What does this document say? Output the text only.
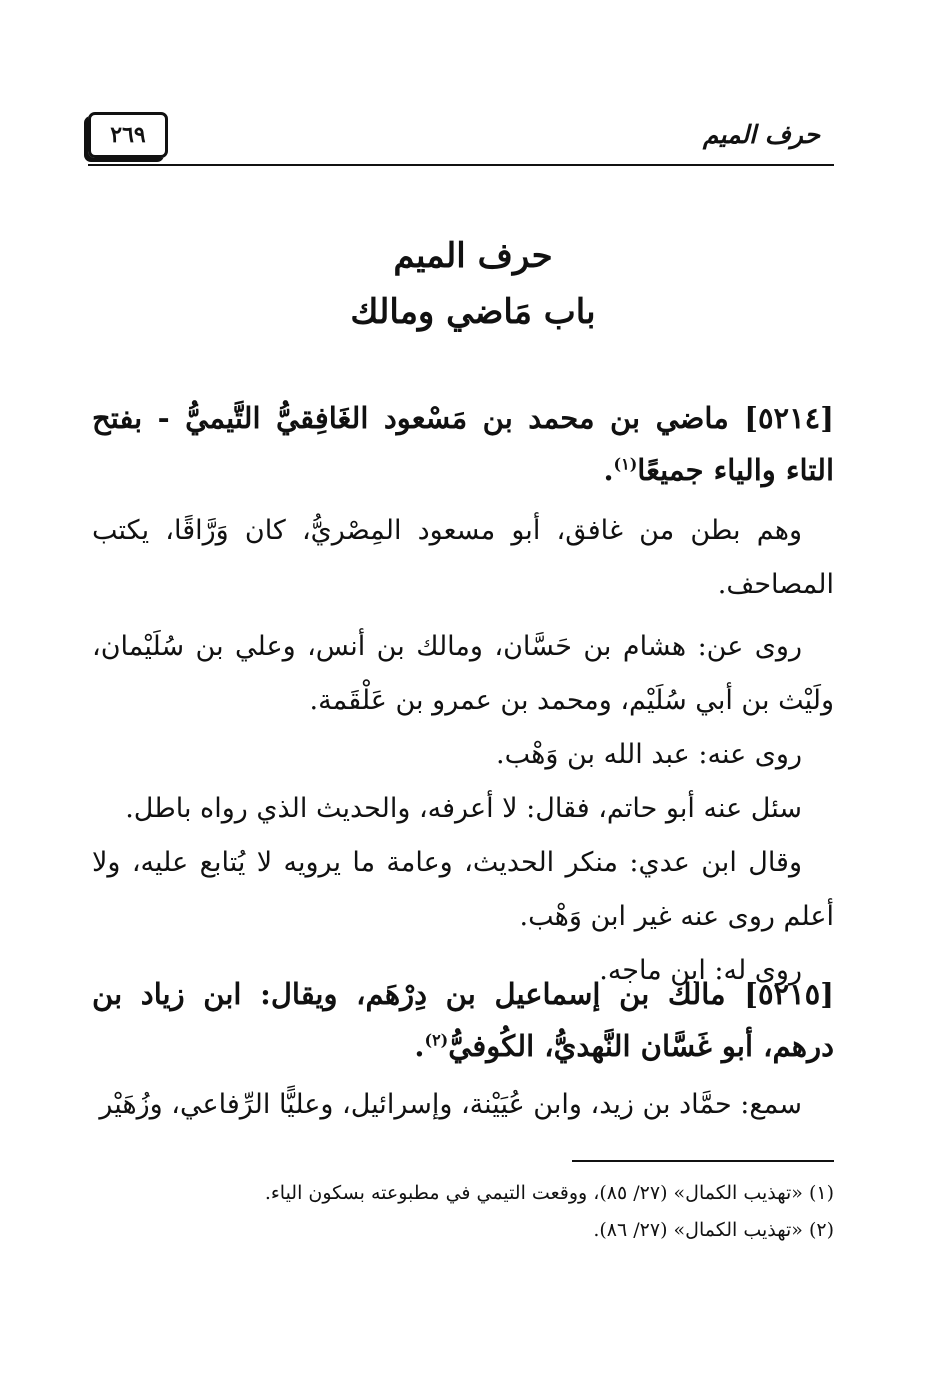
٢٦٩	حرف الميم
حرف الميم
باب مَاضي ومالك
[٥٢١٤] ماضي بن محمد بن مَسْعود الغَافِقيُّ التَّيميُّ - بفتح التاء والياء جميعًا$^{(١)}$.
وهم بطن من غافق، أبو مسعود المِصْريُّ، كان وَرَّاقًا، يكتب المصاحف.
روى عن: هشام بن حَسَّان، ومالك بن أنس، وعلي بن سُلَيْمان، ولَيْث بن أبي سُلَيْم، ومحمد بن عمرو بن عَلْقَمة.
روى عنه: عبد الله بن وَهْب.
سئل عنه أبو حاتم، فقال: لا أعرفه، والحديث الذي رواه باطل.
وقال ابن عدي: منكر الحديث، وعامة ما يرويه لا يُتابع عليه، ولا أعلم روى عنه غير ابن وَهْب.
روى له: ابن ماجه.
[٥٢١٥] مالك بن إسماعيل بن دِرْهَم، ويقال: ابن زياد بن درهم، أبو غَسَّان النَّهديُّ، الكُوفيُّ$^{(٢)}$.
سمع: حمَّاد بن زيد، وابن عُيَيْنة، وإسرائيل، وعليًّا الرِّفاعي، وزُهَيْر
(١) «تهذيب الكمال» (٢٧/ ٨٥)، ووقعت التيمي في مطبوعته بسكون الياء.
(٢) «تهذيب الكمال» (٢٧/ ٨٦).
